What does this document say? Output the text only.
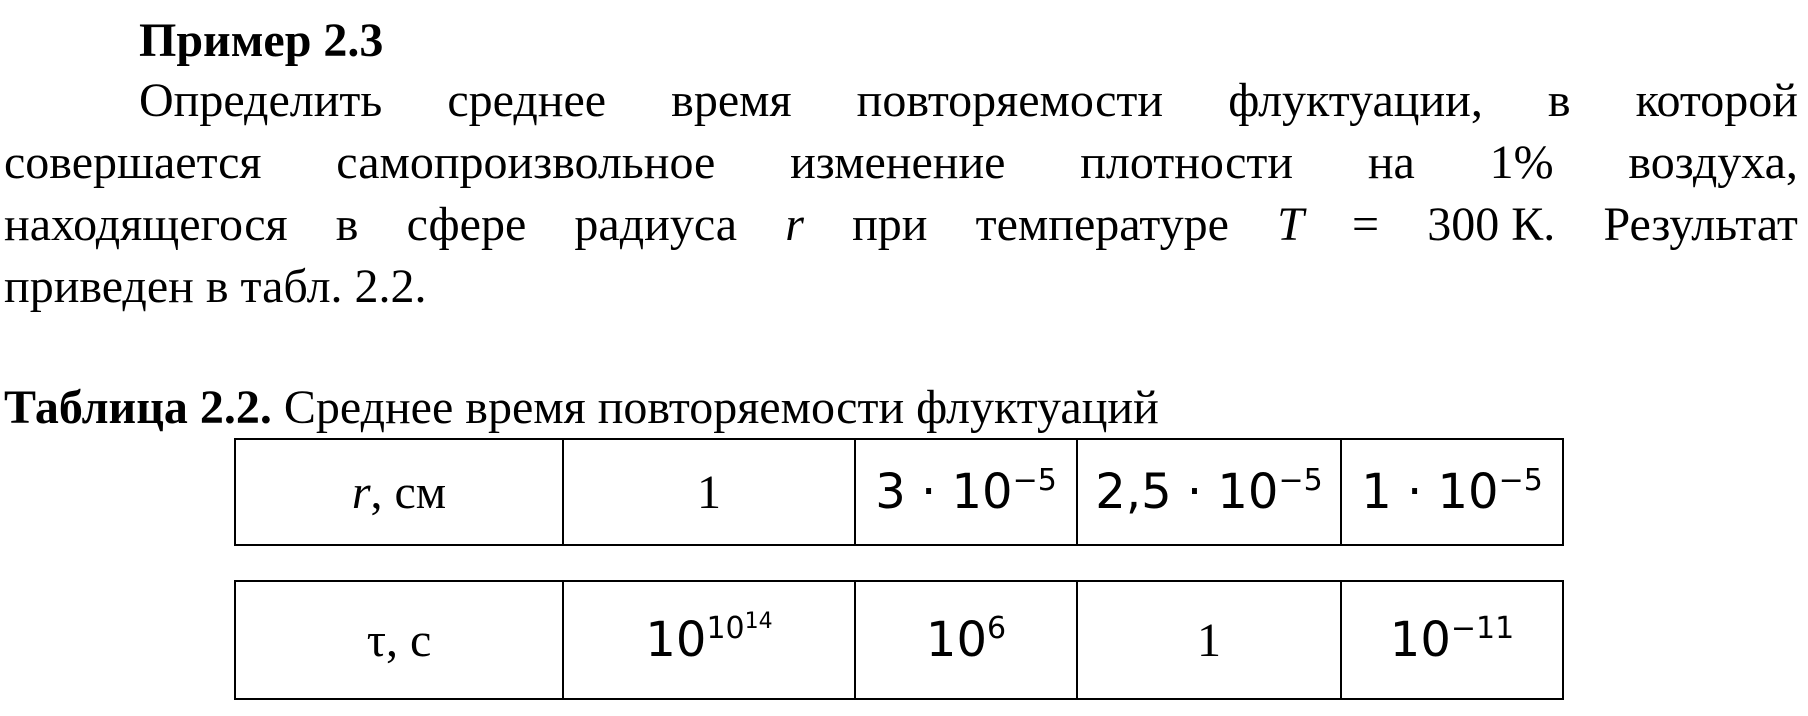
Пример 2.3
Определить среднее время повторяемости флуктуации, в которой
совершается самопроизвольное изменение плотности на 1% воздуха,
находящегося в сфере радиуса r при температуре T = 300 К. Результат
приведен в табл. 2.2.
Таблица 2.2. Среднее время повторяемости флуктуаций
r, см	1	$3 \cdot 10^{-5}$	$2,5 \cdot 10^{-5}$	$1 \cdot 10^{-5}$
τ, с	$10^{10^{14}}$	$10^6$	1	$10^{-11}$
